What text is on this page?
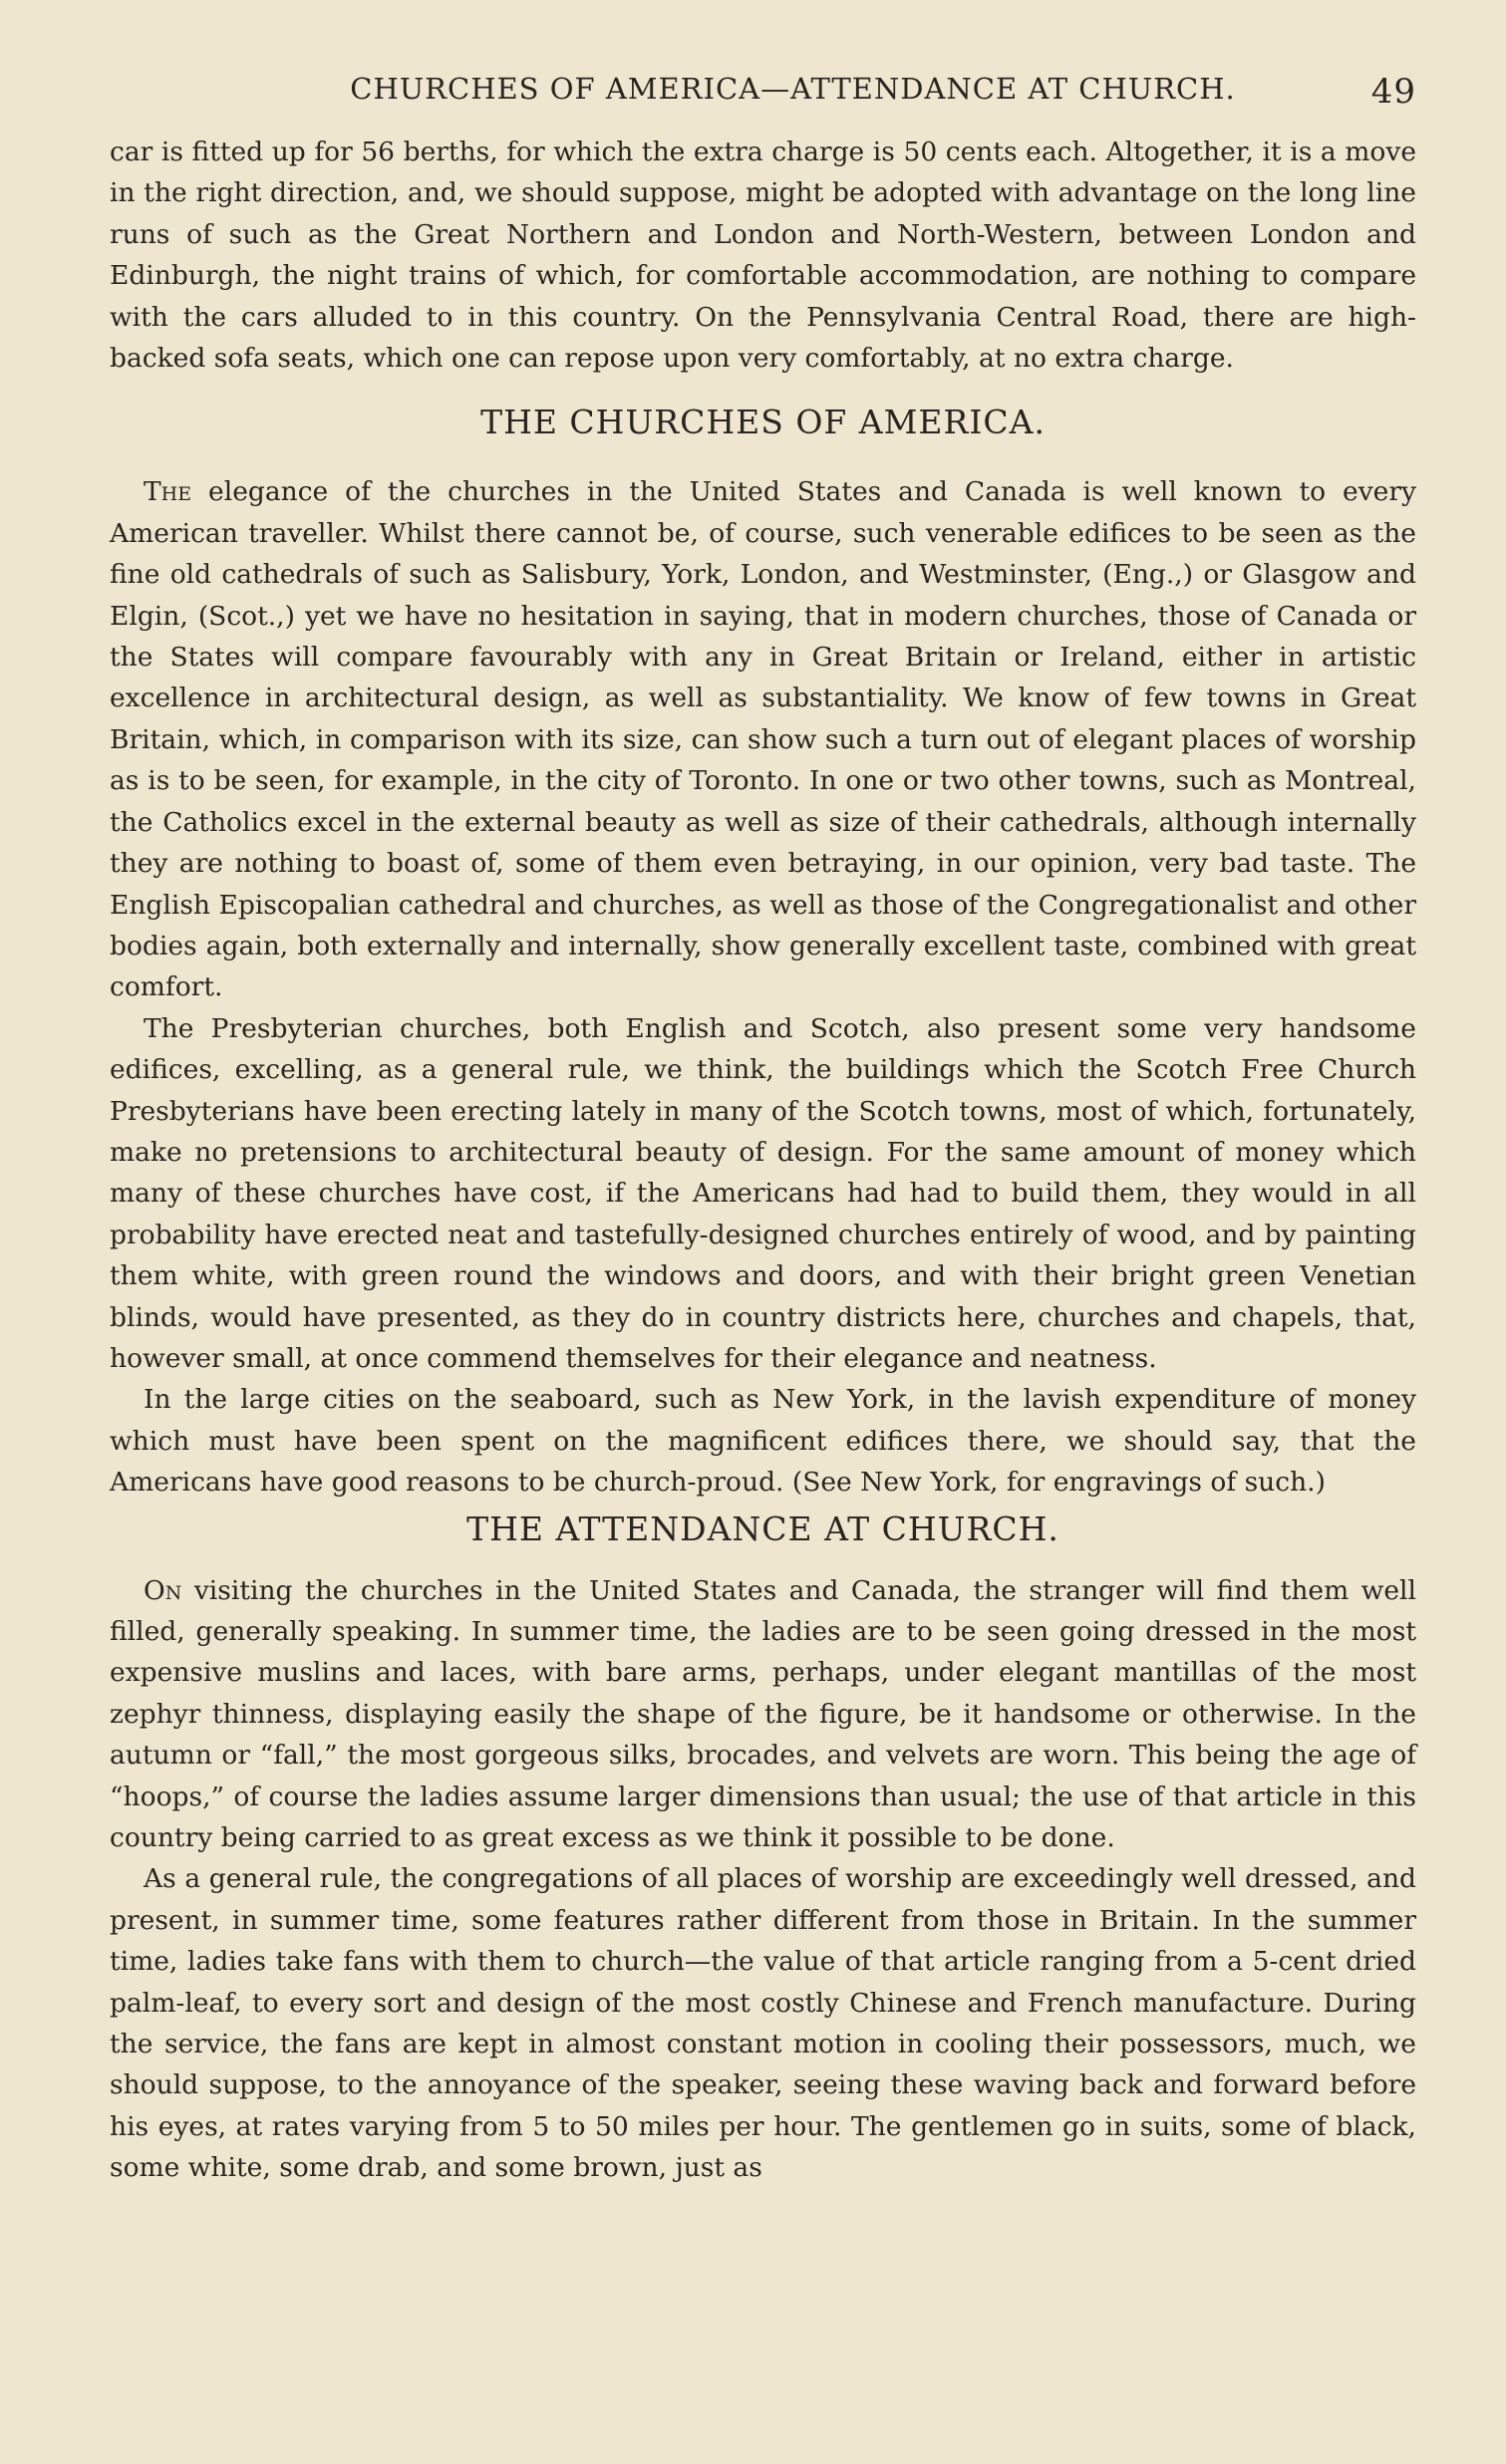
CHURCHES OF AMERICA—ATTENDANCE AT CHURCH.	49

car is fitted up for 56 berths, for which the extra charge is 50 cents each. Altogether, it is a move in the right direction, and, we should suppose, might be adopted with advantage on the long line runs of such as the Great Northern and London and North-Western, between London and Edinburgh, the night trains of which, for comfortable accommodation, are nothing to compare with the cars alluded to in this country. On the Pennsylvania Central Road, there are high-backed sofa seats, which one can repose upon very comfortably, at no extra charge.

THE CHURCHES OF AMERICA.

The elegance of the churches in the United States and Canada is well known to every American traveller. Whilst there cannot be, of course, such venerable edifices to be seen as the fine old cathedrals of such as Salisbury, York, London, and Westminster, (Eng.,) or Glasgow and Elgin, (Scot.,) yet we have no hesitation in saying, that in modern churches, those of Canada or the States will compare favourably with any in Great Britain or Ireland, either in artistic excellence in architectural design, as well as substantiality. We know of few towns in Great Britain, which, in comparison with its size, can show such a turn out of elegant places of worship as is to be seen, for example, in the city of Toronto. In one or two other towns, such as Montreal, the Catholics excel in the external beauty as well as size of their cathedrals, although internally they are nothing to boast of, some of them even betraying, in our opinion, very bad taste. The English Episcopalian cathedral and churches, as well as those of the Congregationalist and other bodies again, both externally and internally, show generally excellent taste, combined with great comfort.

The Presbyterian churches, both English and Scotch, also present some very handsome edifices, excelling, as a general rule, we think, the buildings which the Scotch Free Church Presbyterians have been erecting lately in many of the Scotch towns, most of which, fortunately, make no pretensions to architectural beauty of design. For the same amount of money which many of these churches have cost, if the Americans had had to build them, they would in all probability have erected neat and tastefully-designed churches entirely of wood, and by painting them white, with green round the windows and doors, and with their bright green Venetian blinds, would have presented, as they do in country districts here, churches and chapels, that, however small, at once commend themselves for their elegance and neatness.

In the large cities on the seaboard, such as New York, in the lavish expenditure of money which must have been spent on the magnificent edifices there, we should say, that the Americans have good reasons to be church-proud. (See New York, for engravings of such.)

THE ATTENDANCE AT CHURCH.

On visiting the churches in the United States and Canada, the stranger will find them well filled, generally speaking. In summer time, the ladies are to be seen going dressed in the most expensive muslins and laces, with bare arms, perhaps, under elegant mantillas of the most zephyr thinness, displaying easily the shape of the figure, be it handsome or otherwise. In the autumn or “fall,” the most gorgeous silks, brocades, and velvets are worn. This being the age of “hoops,” of course the ladies assume larger dimensions than usual; the use of that article in this country being carried to as great excess as we think it possible to be done.

As a general rule, the congregations of all places of worship are exceedingly well dressed, and present, in summer time, some features rather different from those in Britain. In the summer time, ladies take fans with them to church—the value of that article ranging from a 5-cent dried palm-leaf, to every sort and design of the most costly Chinese and French manufacture. During the service, the fans are kept in almost constant motion in cooling their possessors, much, we should suppose, to the annoyance of the speaker, seeing these waving back and forward before his eyes, at rates varying from 5 to 50 miles per hour. The gentlemen go in suits, some of black, some white, some drab, and some brown, just as
